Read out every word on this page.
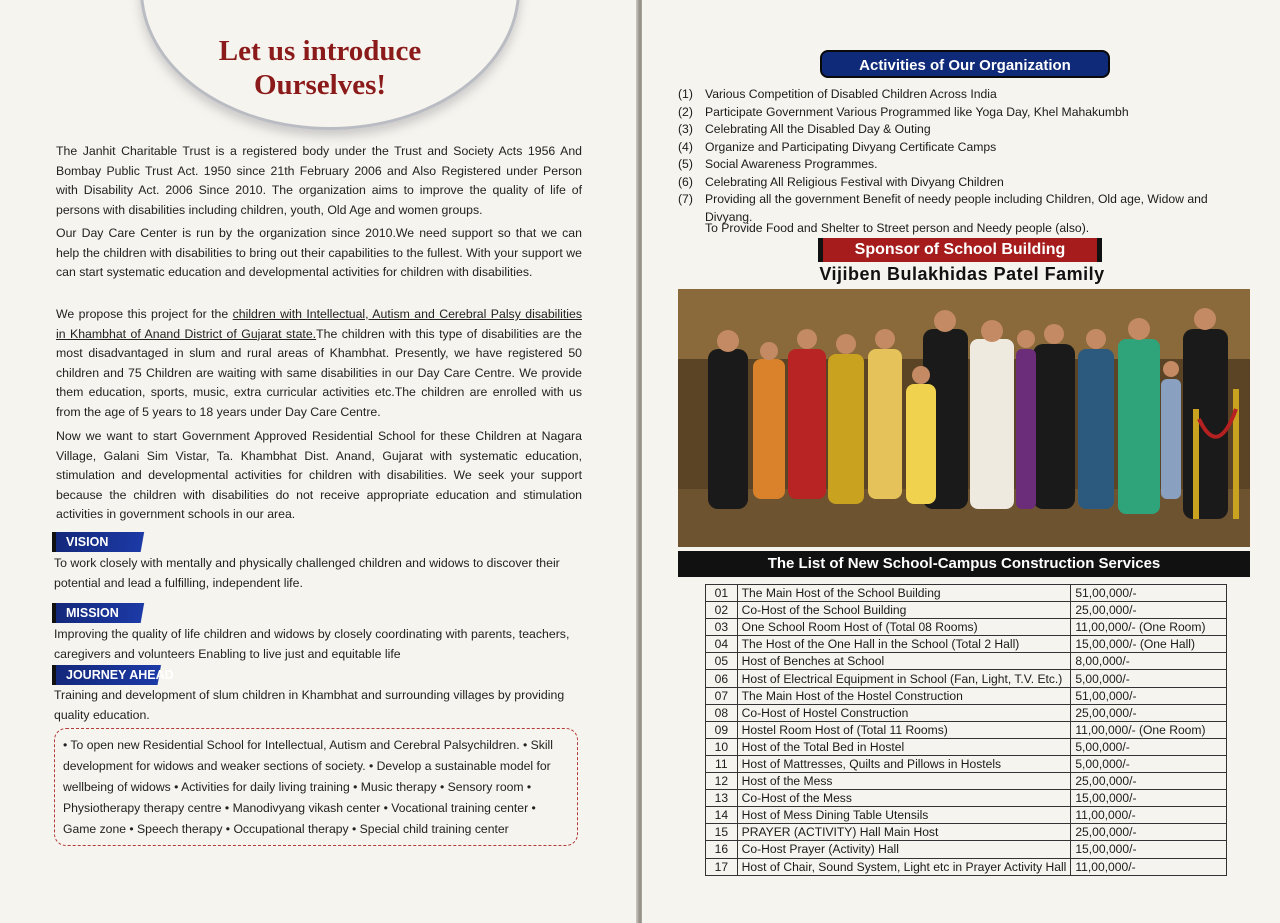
Let us introduce
Ourselves!

The Janhit Charitable Trust is a registered body under the Trust and Society Acts 1956 And Bombay Public Trust Act. 1950 since 21th February 2006 and Also Registered under Person with Disability Act. 2006 Since 2010. The organization aims to improve the quality of life of persons with disabilities including children, youth, Old Age and women groups.

Our Day Care Center is run by the organization since 2010.We need support so that we can help the children with disabilities to bring out their capabilities to the fullest. With your support we can start systematic education and developmental activities for children with disabilities.

We propose this project for the children with Intellectual, Autism and Cerebral Palsy disabilities in Khambhat of Anand District of Gujarat state.The children with this type of disabilities are the most disadvantaged in slum and rural areas of Khambhat. Presently, we have registered 50 children and 75 Children are waiting with same disabilities in our Day Care Centre. We provide them education, sports, music, extra curricular activities etc.The children are enrolled with us from the age of 5 years to 18 years under Day Care Centre.

Now we want to start Government Approved Residential School for these Children at Nagara Village, Galani Sim Vistar, Ta. Khambhat Dist. Anand, Gujarat with systematic education, stimulation and developmental activities for children with disabilities. We seek your support because the children with disabilities do not receive appropriate education and stimulation activities in government schools in our area.

VISION

To work closely with mentally and physically challenged children and widows to discover their potential and lead a fulfilling, independent life.

MISSION

Improving the quality of life children and widows by closely coordinating with parents, teachers, caregivers and volunteers Enabling to live just and equitable life

JOURNEY AHEAD

Training and development of slum children in Khambhat and surrounding villages by providing quality education.

• To open new Residential School for Intellectual, Autism and Cerebral Palsychildren. • Skill development for widows and weaker sections of society. • Develop a sustainable model for wellbeing of widows • Activities for daily living training • Music therapy • Sensory room • Physiotherapy therapy centre • Manodivyang vikash center • Vocational training center • Game zone • Speech therapy • Occupational therapy • Special child training center
Activities of Our Organization
(1) Various Competition of Disabled Children Across India
(2) Participate Government Various Programmed like Yoga Day, Khel Mahakumbh
(3) Celebrating All the Disabled Day & Outing
(4) Organize and Participating Divyang Certificate Camps
(5) Social Awareness Programmes.
(6) Celebrating All Religious Festival with Divyang Children
(7) Providing all the government Benefit of needy people including Children, Old age, Widow and Divyang.
To Provide Food and Shelter to Street person and Needy people (also).
Sponsor of School Building
Vijiben Bulakhidas Patel Family
The List of New School-Campus Construction Services
01	The Main Host of the School Building	51,00,000/-
02	Co-Host of the School Building	25,00,000/-
03	One School Room Host of (Total 08 Rooms)	11,00,000/- (One Room)
04	The Host of the One Hall in the School (Total 2 Hall)	15,00,000/- (One Hall)
05	Host of Benches at School	8,00,000/-
06	Host of Electrical Equipment in School (Fan, Light, T.V. Etc.)	5,00,000/-
07	The Main Host of the Hostel Construction	51,00,000/-
08	Co-Host of Hostel Construction	25,00,000/-
09	Hostel Room Host of (Total 11 Rooms)	11,00,000/- (One Room)
10	Host of the Total Bed in Hostel	5,00,000/-
11	Host of Mattresses, Quilts and Pillows in Hostels	5,00,000/-
12	Host of the Mess	25,00,000/-
13	Co-Host of the Mess	15,00,000/-
14	Host of Mess Dining Table Utensils	11,00,000/-
15	PRAYER (ACTIVITY) Hall Main Host	25,00,000/-
16	Co-Host Prayer (Activity) Hall	15,00,000/-
17	Host of Chair, Sound System, Light etc in Prayer Activity Hall	11,00,000/-
